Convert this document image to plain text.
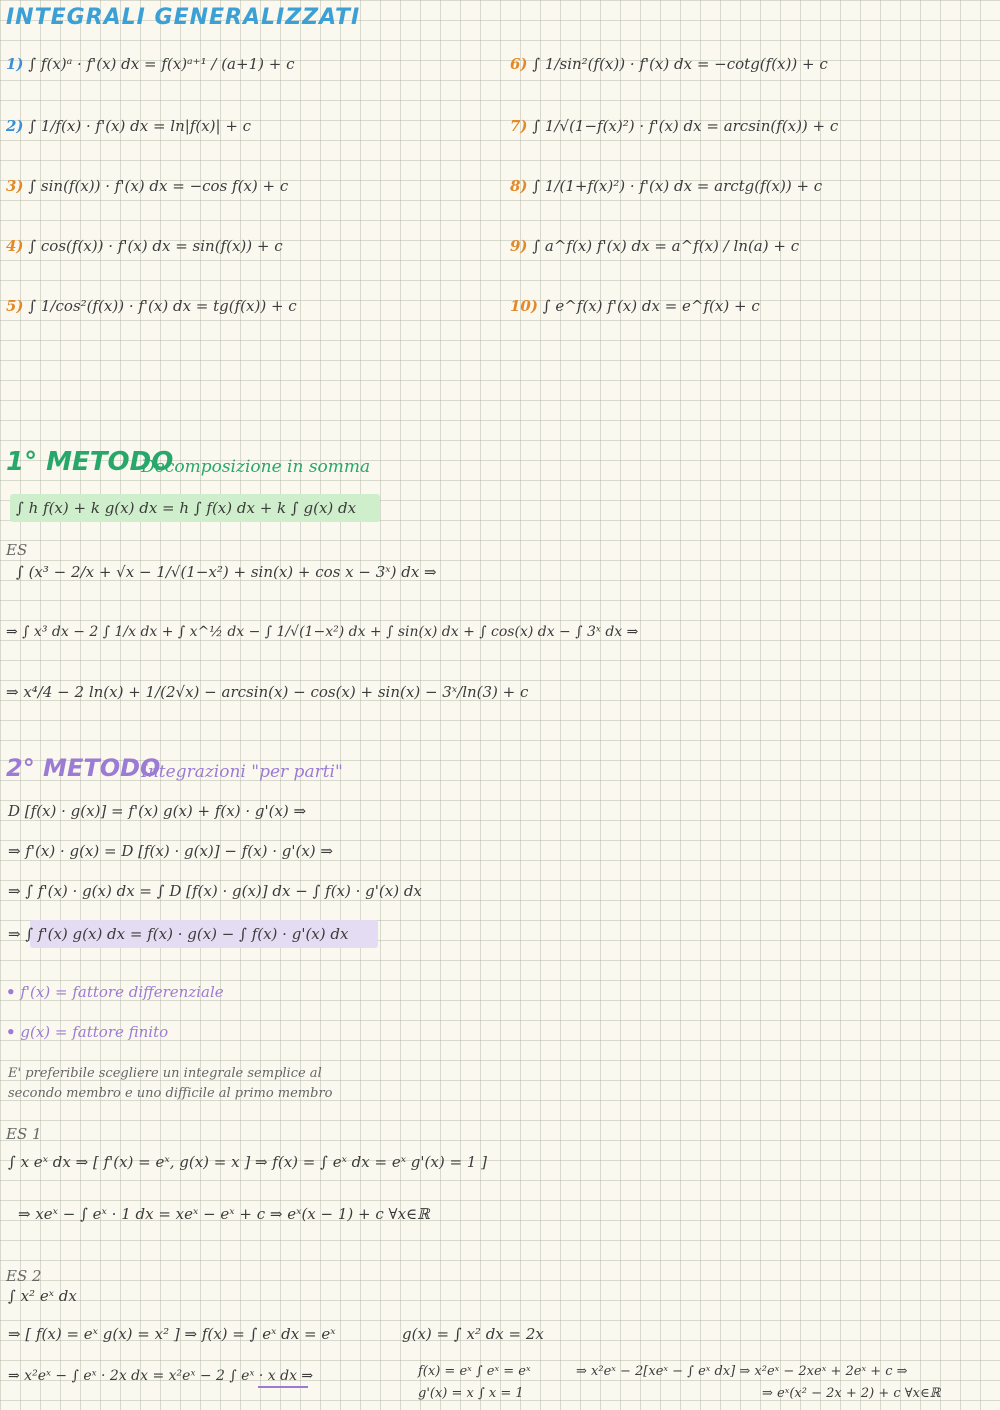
INTEGRALI GENERALIZZATI
1) ∫ f(x)ᵃ · f'(x) dx = f(x)ᵃ⁺¹ / (a+1) + c
2) ∫ 1/f(x) · f'(x) dx = ln|f(x)| + c
3) ∫ sin(f(x)) · f'(x) dx = −cos f(x) + c
4) ∫ cos(f(x)) · f'(x) dx = sin(f(x)) + c
5) ∫ 1/cos²(f(x)) · f'(x) dx = tg(f(x)) + c
6) ∫ 1/sin²(f(x)) · f'(x) dx = −cotg(f(x)) + c
7) ∫ 1/√(1−f(x)²) · f'(x) dx = arcsin(f(x)) + c
8) ∫ 1/(1+f(x)²) · f'(x) dx = arctg(f(x)) + c
9) ∫ a^f(x) f'(x) dx = a^f(x) / ln(a) + c
10) ∫ e^f(x) f'(x) dx = e^f(x) + c
1° METODO
- Decomposizione in somma
∫ h f(x) + k g(x) dx = h ∫ f(x) dx + k ∫ g(x) dx
ES
∫ (x³ − 2/x + √x − 1/√(1−x²) + sin(x) + cos x − 3ˣ) dx ⇒
⇒ ∫ x³ dx − 2 ∫ 1/x dx + ∫ x^½ dx − ∫ 1/√(1−x²) dx + ∫ sin(x) dx + ∫ cos(x) dx − ∫ 3ˣ dx ⇒
⇒ x⁴/4 − 2 ln(x) + 1/(2√x) − arcsin(x) − cos(x) + sin(x) − 3ˣ/ln(3) + c
2° METODO
- Integrazioni "per parti"
D [f(x) · g(x)] = f'(x) g(x) + f(x) · g'(x) ⇒
⇒ f'(x) · g(x) = D [f(x) · g(x)] − f(x) · g'(x) ⇒
⇒ ∫ f'(x) · g(x) dx = ∫ D [f(x) · g(x)] dx − ∫ f(x) · g'(x) dx
⇒ ∫ f'(x) g(x) dx = f(x) · g(x) − ∫ f(x) · g'(x) dx
• f'(x) = fattore differenziale
• g(x) = fattore finito
E' preferibile scegliere un integrale semplice al
secondo membro e uno difficile al primo membro
ES 1
∫ x eˣ dx ⇒ [ f'(x) = eˣ, g(x) = x ] ⇒ f(x) = ∫ eˣ dx = eˣ g'(x) = 1 ]
⇒ xeˣ − ∫ eˣ · 1 dx = xeˣ − eˣ + c ⇒ eˣ(x − 1) + c ∀x∈ℝ
ES 2
∫ x² eˣ dx
⇒ [ f(x) = eˣ g(x) = x² ] ⇒ f(x) = ∫ eˣ dx = eˣ	g(x) = ∫ x² dx = 2x
⇒ x²eˣ − ∫ eˣ · 2x dx = x²eˣ − 2 ∫ eˣ · x dx ⇒	f(x) = eˣ ∫ eˣ = eˣ
g'(x) = x ∫ x = 1
⇒ x²eˣ − 2[xeˣ − ∫ eˣ dx] ⇒ x²eˣ − 2xeˣ + 2eˣ + c ⇒
⇒ eˣ(x² − 2x + 2) + c ∀x∈ℝ
